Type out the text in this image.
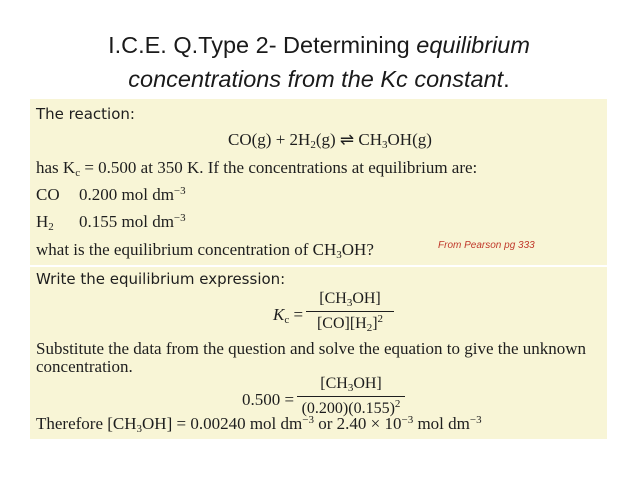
I.C.E. Q.Type 2- Determining equilibrium
concentrations from the Kc constant.
The reaction:
$CO(g) + 2H_2(g)$ ⇌ $CH_3OH(g)$
has $K_c = 0.500$ at 350 K. If the concentrations at equilibrium are:
CO 0.200 mol $dm^{-3}$
$H_2$ 0.155 mol $dm^{-3}$
what is the equilibrium concentration of $CH_3OH$?	From Pearson pg 333
Write the equilibrium expression:
$K_c$ =
$[CH_3OH]$
$[CO][H_2]^2$
Substitute the data from the question and solve the equation to give the unknown
concentration.
0.500 =
$[CH_3OH]$
$(0.200)(0.155)^2$
Therefore $[CH_3OH] = 0.00240$ mol $dm^{-3}$ or $2.40 \times 10^{-3}$ mol $dm^{-3}$
